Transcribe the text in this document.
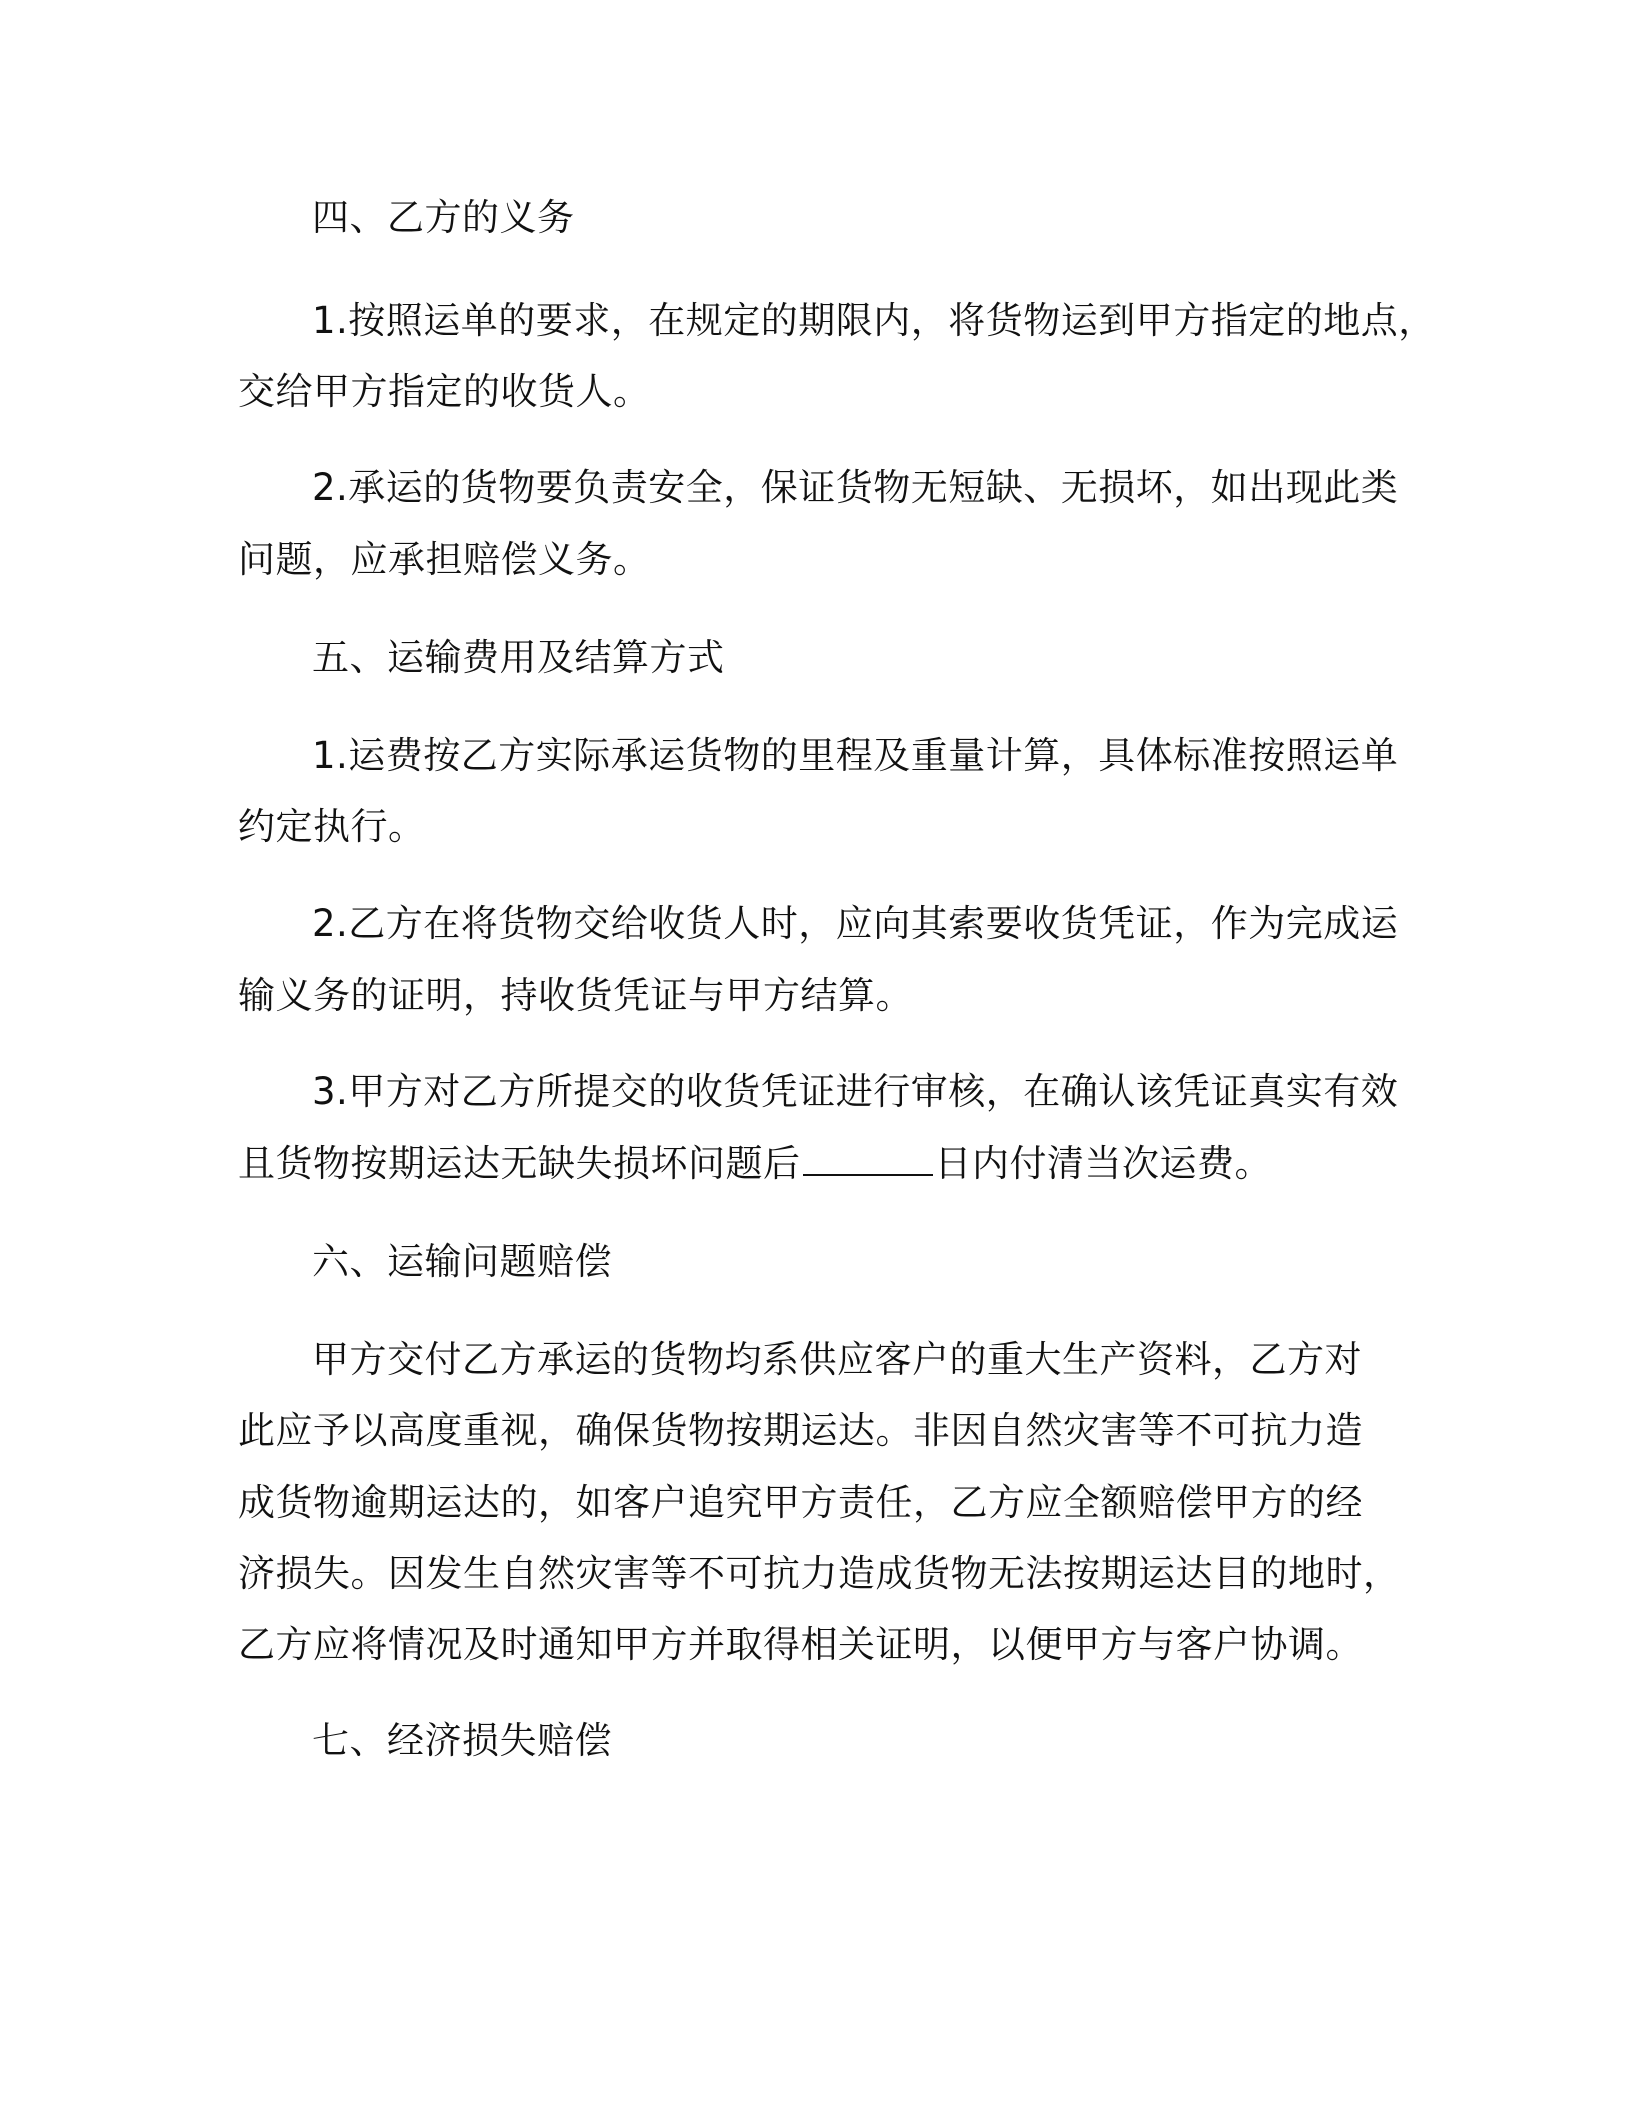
四、乙方的义务
1.按照运单的要求，在规定的期限内，将货物运到甲方指定的地点，
交给甲方指定的收货人。
2.承运的货物要负责安全，保证货物无短缺、无损坏，如出现此类
问题，应承担赔偿义务。
五、运输费用及结算方式
1.运费按乙方实际承运货物的里程及重量计算，具体标准按照运单
约定执行。
2.乙方在将货物交给收货人时，应向其索要收货凭证，作为完成运
输义务的证明，持收货凭证与甲方结算。
3.甲方对乙方所提交的收货凭证进行审核，在确认该凭证真实有效
且货物按期运达无缺失损坏问题后	日内付清当次运费。
六、运输问题赔偿
甲方交付乙方承运的货物均系供应客户的重大生产资料，乙方对
此应予以高度重视，确保货物按期运达。非因自然灾害等不可抗力造
成货物逾期运达的，如客户追究甲方责任，乙方应全额赔偿甲方的经
济损失。因发生自然灾害等不可抗力造成货物无法按期运达目的地时，
乙方应将情况及时通知甲方并取得相关证明，以便甲方与客户协调。
七、经济损失赔偿
